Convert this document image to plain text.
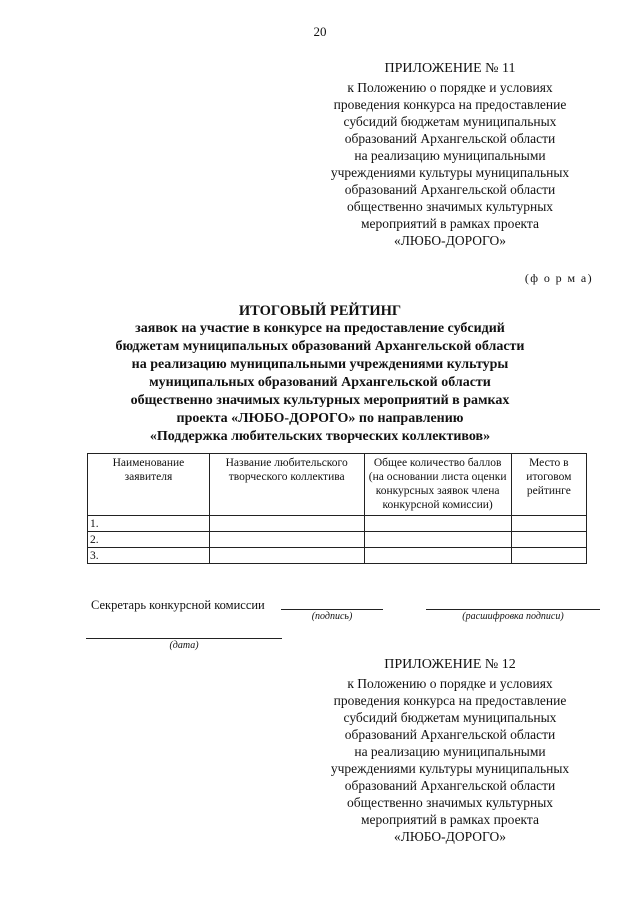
20
ПРИЛОЖЕНИЕ № 11
к Положению о порядке и условиях
проведения конкурса на предоставление
субсидий бюджетам муниципальных
образований Архангельской области
на реализацию муниципальными
учреждениями культуры муниципальных
образований Архангельской области
общественно значимых культурных
мероприятий в рамках проекта
«ЛЮБО-ДОРОГО»
(ф о р м а)
ИТОГОВЫЙ РЕЙТИНГ
заявок на участие в конкурсе на предоставление субсидий
бюджетам муниципальных образований Архангельской области
на реализацию муниципальными учреждениями культуры
муниципальных образований Архангельской области
общественно значимых культурных мероприятий в рамках
проекта «ЛЮБО-ДОРОГО» по направлению
«Поддержка любительских творческих коллективов»
Наименование заявителя	Название любительского творческого коллектива	Общее количество баллов (на основании листа оценки конкурсных заявок члена конкурсной комиссии)	Место в итоговом рейтинге
1.			
2.			
3.			
Секретарь конкурсной комиссии
(подпись)	(расшифровка подписи)
(дата)
ПРИЛОЖЕНИЕ № 12
к Положению о порядке и условиях
проведения конкурса на предоставление
субсидий бюджетам муниципальных
образований Архангельской области
на реализацию муниципальными
учреждениями культуры муниципальных
образований Архангельской области
общественно значимых культурных
мероприятий в рамках проекта
«ЛЮБО-ДОРОГО»
